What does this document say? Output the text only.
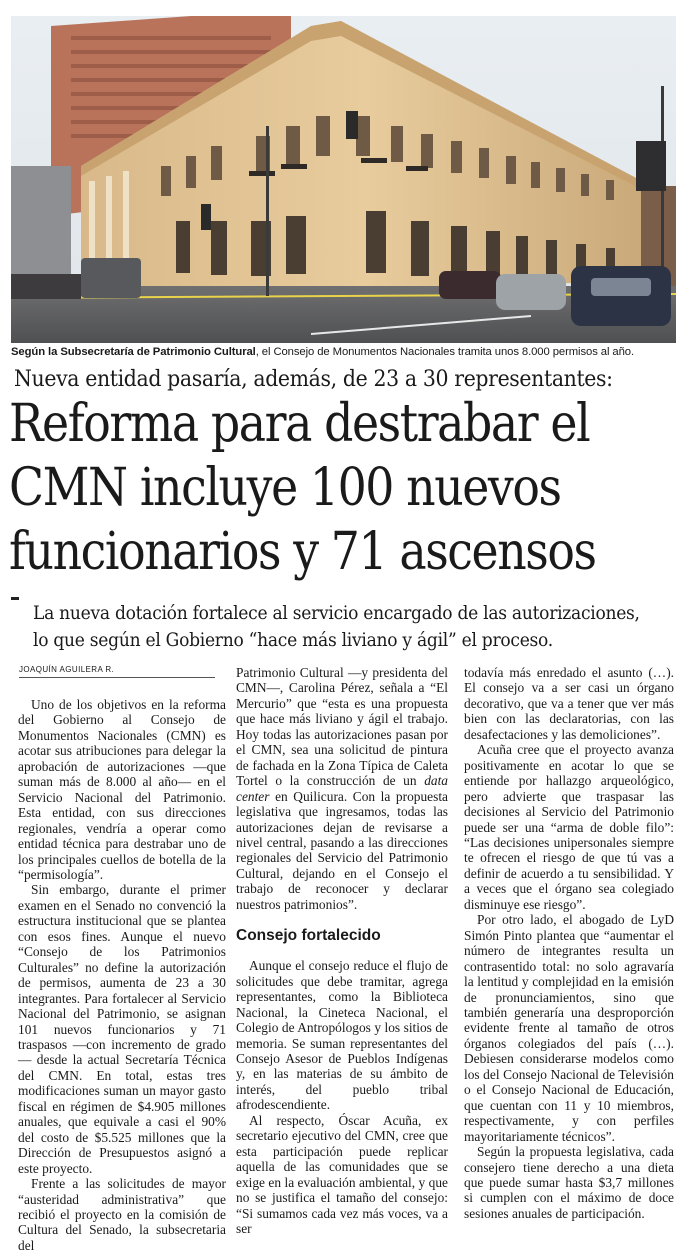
Según la Subsecretaría de Patrimonio Cultural, el Consejo de Monumentos Nacionales tramita unos 8.000 permisos al año.
Nueva entidad pasaría, además, de 23 a 30 representantes:
Reforma para destrabar el
CMN incluye 100 nuevos
funcionarios y 71 ascensos
La nueva dotación fortalece al servicio encargado de las autorizaciones,
lo que según el Gobierno “hace más liviano y ágil” el proceso.
JOAQUÍN AGUILERA R.

Uno de los objetivos en la reforma del Gobierno al Consejo de Monumentos Nacionales (CMN) es acotar sus atribuciones para delegar la aprobación de autorizaciones —que suman más de 8.000 al año— en el Servicio Nacional del Patrimonio. Esta entidad, con sus direcciones regionales, vendría a operar como entidad técnica para destrabar uno de los principales cuellos de botella de la “permisología”.

Sin embargo, durante el primer examen en el Senado no convenció la estructura institucional que se plantea con esos fines. Aunque el nuevo “Consejo de los Patrimonios Culturales” no define la autorización de permisos, aumenta de 23 a 30 integrantes. Para fortalecer al Servicio Nacional del Patrimonio, se asignan 101 nuevos funcionarios y 71 traspasos —con incremento de grado— desde la actual Secretaría Técnica del CMN. En total, estas tres modificaciones suman un mayor gasto fiscal en régimen de $4.905 millones anuales, que equivale a casi el 90% del costo de $5.525 millones que la Dirección de Presupuestos asignó a este proyecto.

Frente a las solicitudes de mayor “austeridad administrativa” que recibió el proyecto en la comisión de Cultura del Senado, la subsecretaria del

Patrimonio Cultural —y presidenta del CMN—, Carolina Pérez, señala a “El Mercurio” que “esta es una propuesta que hace más liviano y ágil el trabajo. Hoy todas las autorizaciones pasan por el CMN, sea una solicitud de pintura de fachada en la Zona Típica de Caleta Tortel o la construcción de un data center en Quilicura. Con la propuesta legislativa que ingresamos, todas las autorizaciones dejan de revisarse a nivel central, pasando a las direcciones regionales del Servicio del Patrimonio Cultural, dejando en el Consejo el trabajo de reconocer y declarar nuestros patrimonios”.

Consejo fortalecido

Aunque el consejo reduce el flujo de solicitudes que debe tramitar, agrega representantes, como la Biblioteca Nacional, la Cineteca Nacional, el Colegio de Antropólogos y los sitios de memoria. Se suman representantes del Consejo Asesor de Pueblos Indígenas y, en las materias de su ámbito de interés, del pueblo tribal afrodescendiente.

Al respecto, Óscar Acuña, ex secretario ejecutivo del CMN, cree que esta participación puede replicar aquella de las comunidades que se exige en la evaluación ambiental, y que no se justifica el tamaño del consejo: “Si sumamos cada vez más voces, va a ser

todavía más enredado el asunto (…). El consejo va a ser casi un órgano decorativo, que va a tener que ver más bien con las declaratorias, con las desafectaciones y las demoliciones”.

Acuña cree que el proyecto avanza positivamente en acotar lo que se entiende por hallazgo arqueológico, pero advierte que traspasar las decisiones al Servicio del Patrimonio puede ser una “arma de doble filo”: “Las decisiones unipersonales siempre te ofrecen el riesgo de que tú vas a definir de acuerdo a tu sensibilidad. Y a veces que el órgano sea colegiado disminuye ese riesgo”.

Por otro lado, el abogado de LyD Simón Pinto plantea que “aumentar el número de integrantes resulta un contrasentido total: no solo agravaría la lentitud y complejidad en la emisión de pronunciamientos, sino que también generaría una desproporción evidente frente al tamaño de otros órganos colegiados del país (…). Debiesen considerarse modelos como los del Consejo Nacional de Televisión o el Consejo Nacional de Educación, que cuentan con 11 y 10 miembros, respectivamente, y con perfiles mayoritariamente técnicos”.

Según la propuesta legislativa, cada consejero tiene derecho a una dieta que puede sumar hasta $3,7 millones si cumplen con el máximo de doce sesiones anuales de participación.
